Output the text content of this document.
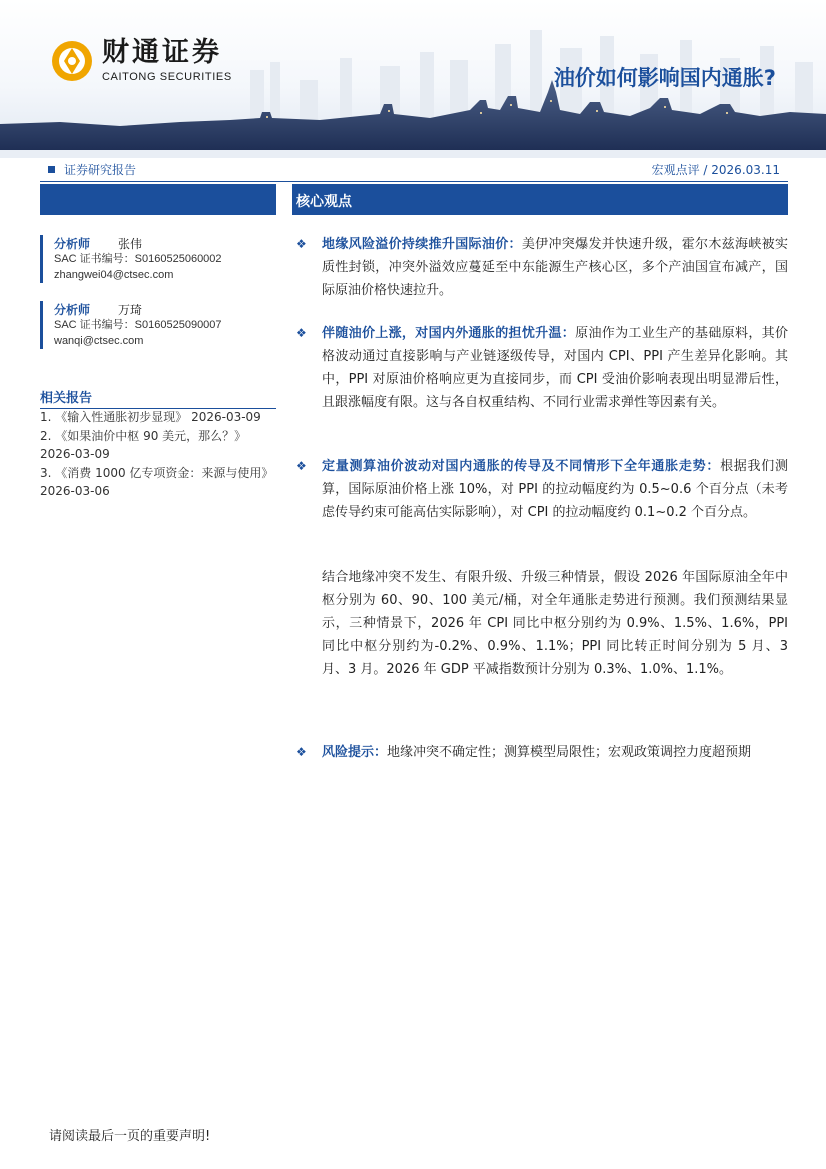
财通证券
CAITONG SECURITIES	油价如何影响国内通胀?
证券研究报告	宏观点评 / 2026.03.11
分析师	张伟
SAC 证书编号：S0160525060002
zhangwei04@ctsec.com
分析师	万琦
SAC 证书编号：S0160525090007
wanqi@ctsec.com
相关报告
1. 《输入性通胀初步显现》 2026-03-09
2. 《如果油价中枢 90 美元，那么？》 2026-03-09
3. 《消费 1000 亿专项资金：来源与使用》 2026-03-06
核心观点
❖ 地缘风险溢价持续推升国际油价：美伊冲突爆发并快速升级，霍尔木兹海峡被实质性封锁，冲突外溢效应蔓延至中东能源生产核心区，多个产油国宣布减产，国际原油价格快速拉升。
❖ 伴随油价上涨，对国内外通胀的担忧升温：原油作为工业生产的基础原料，其价格波动通过直接影响与产业链逐级传导，对国内 CPI、PPI 产生差异化影响。其中，PPI 对原油价格响应更为直接同步，而 CPI 受油价影响表现出明显滞后性，且跟涨幅度有限。这与各自权重结构、不同行业需求弹性等因素有关。
❖ 定量测算油价波动对国内通胀的传导及不同情形下全年通胀走势：根据我们测算，国际原油价格上涨 10%，对 PPI 的拉动幅度约为 0.5~0.6 个百分点（未考虑传导约束可能高估实际影响），对 CPI 的拉动幅度约 0.1~0.2 个百分点。
结合地缘冲突不发生、有限升级、升级三种情景，假设 2026 年国际原油全年中枢分别为 60、90、100 美元/桶，对全年通胀走势进行预测。我们预测结果显示，三种情景下，2026 年 CPI 同比中枢分别约为 0.9%、1.5%、1.6%，PPI 同比中枢分别约为-0.2%、0.9%、1.1%；PPI 同比转正时间分别为 5 月、3 月、3 月。2026 年 GDP 平减指数预计分别为 0.3%、1.0%、1.1%。
❖ 风险提示：地缘冲突不确定性；测算模型局限性；宏观政策调控力度超预期
请阅读最后一页的重要声明!
